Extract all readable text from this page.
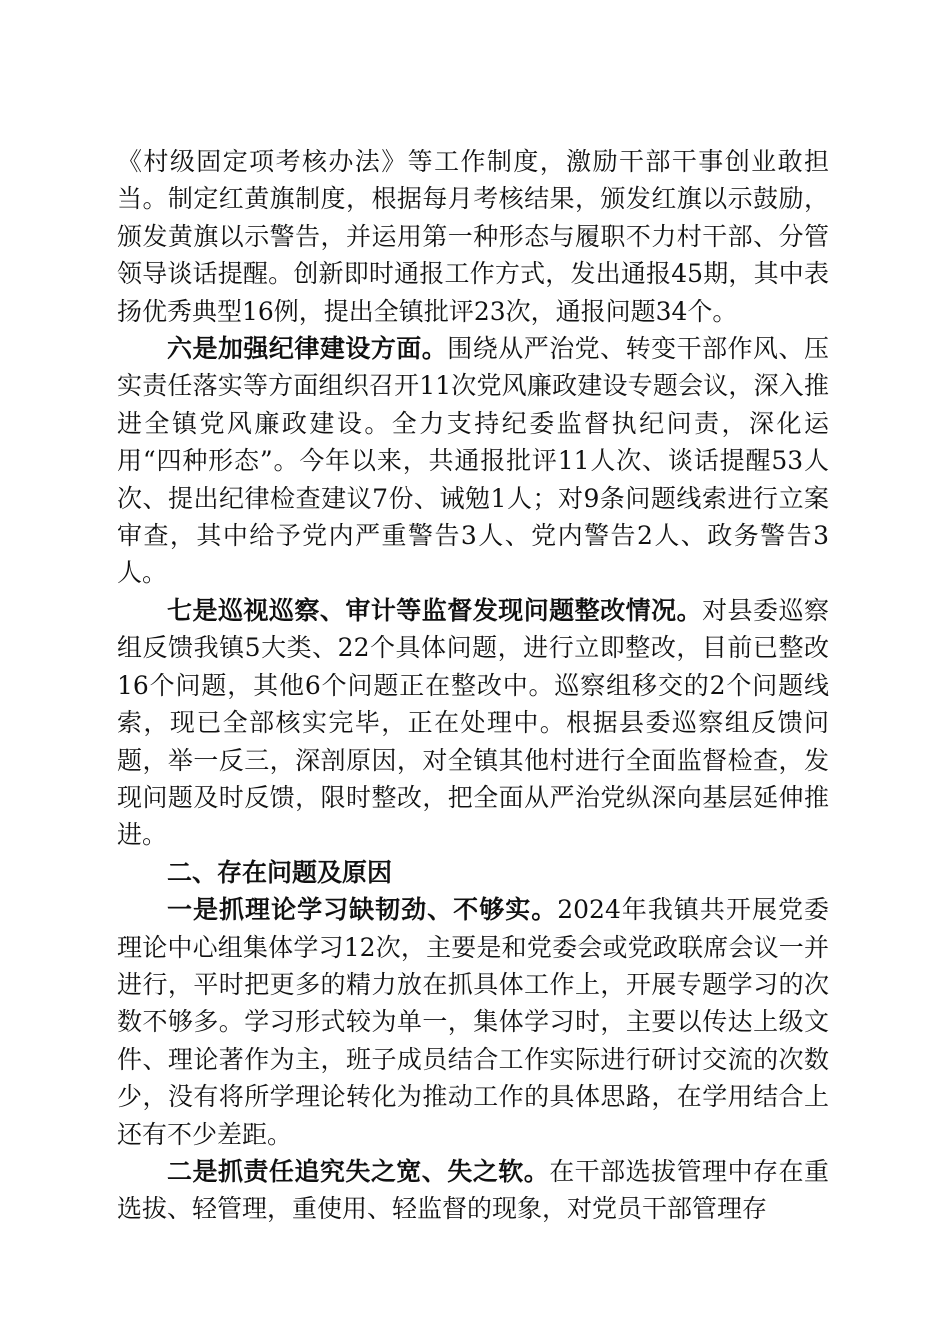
《村级固定项考核办法》等工作制度，激励干部干事创业敢担当。制定红黄旗制度，根据每月考核结果，颁发红旗以示鼓励，颁发黄旗以示警告，并运用第一种形态与履职不力村干部、分管领导谈话提醒。创新即时通报工作方式，发出通报45期，其中表扬优秀典型16例，提出全镇批评23次，通报问题34个。

六是加强纪律建设方面。围绕从严治党、转变干部作风、压实责任落实等方面组织召开11次党风廉政建设专题会议，深入推进全镇党风廉政建设。全力支持纪委监督执纪问责，深化运用“四种形态”。今年以来，共通报批评11人次、谈话提醒53人次、提出纪律检查建议7份、诫勉1人；对9条问题线索进行立案审查，其中给予党内严重警告3人、党内警告2人、政务警告3人。

七是巡视巡察、审计等监督发现问题整改情况。对县委巡察组反馈我镇5大类、22个具体问题，进行立即整改，目前已整改16个问题，其他6个问题正在整改中。巡察组移交的2个问题线索，现已全部核实完毕，正在处理中。根据县委巡察组反馈问题，举一反三，深剖原因，对全镇其他村进行全面监督检查，发现问题及时反馈，限时整改，把全面从严治党纵深向基层延伸推进。

二、存在问题及原因

一是抓理论学习缺韧劲、不够实。2024年我镇共开展党委理论中心组集体学习12次，主要是和党委会或党政联席会议一并进行，平时把更多的精力放在抓具体工作上，开展专题学习的次数不够多。学习形式较为单一，集体学习时，主要以传达上级文件、理论著作为主，班子成员结合工作实际进行研讨交流的次数少，没有将所学理论转化为推动工作的具体思路，在学用结合上还有不少差距。

二是抓责任追究失之宽、失之软。在干部选拔管理中存在重选拔、轻管理，重使用、轻监督的现象，对党员干部管理存
